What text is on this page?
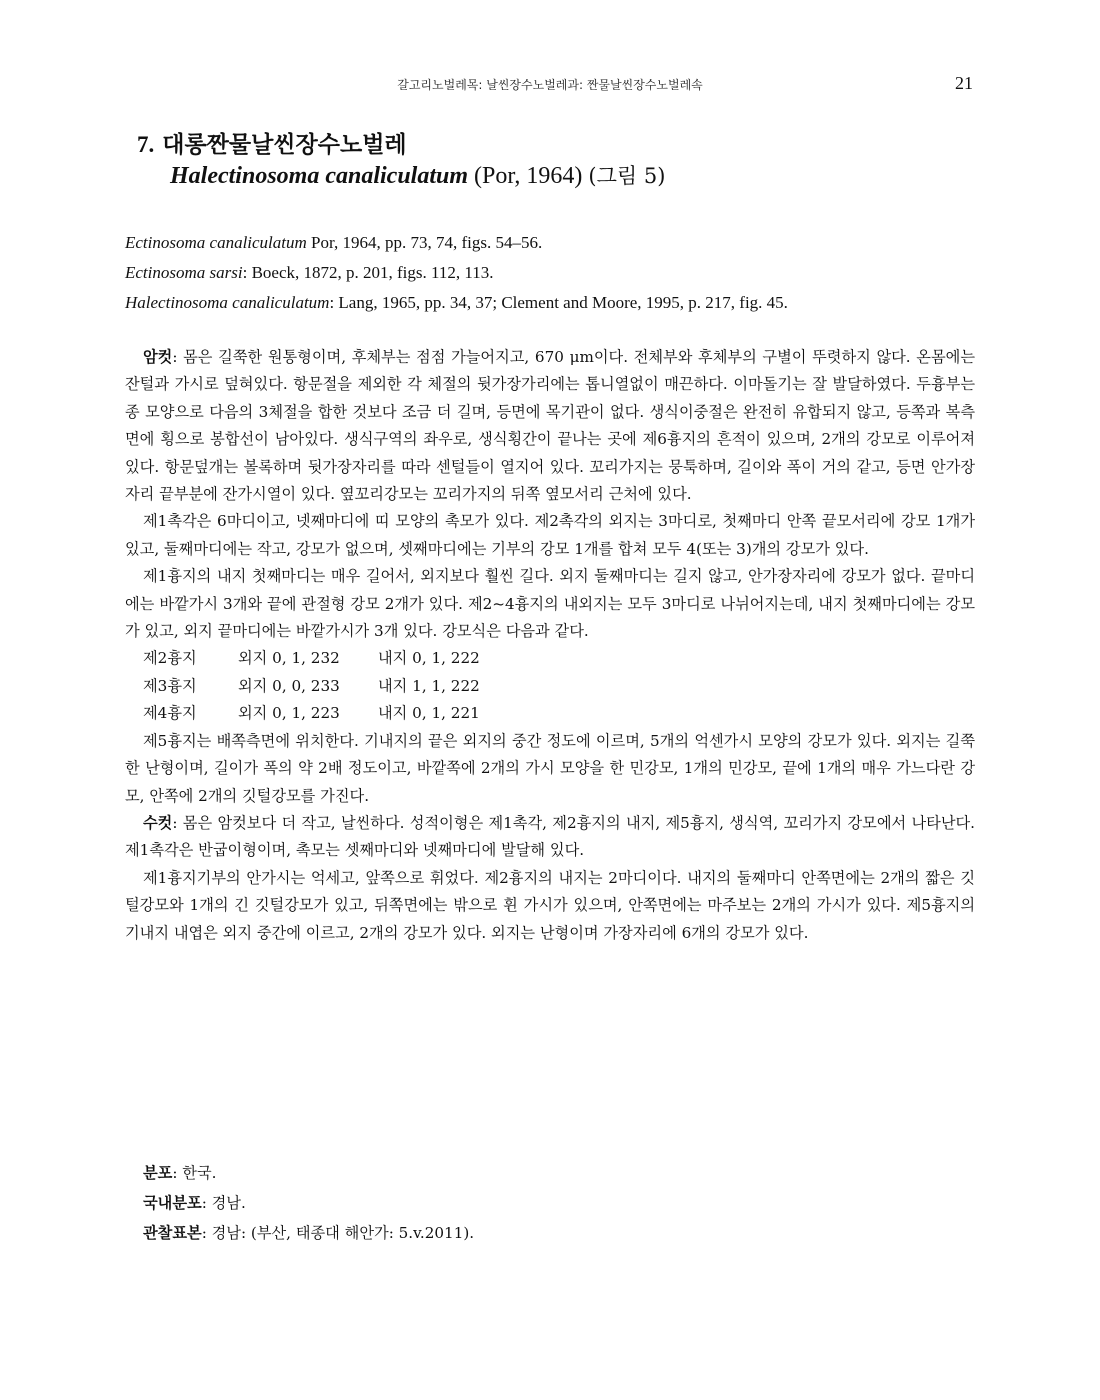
갈고리노벌레목: 날씬장수노벌레과: 짠물날씬장수노벌레속	21
7. 대롱짠물날씬장수노벌레
Halectinosoma canaliculatum (Por, 1964) (그림 5)
Ectinosoma canaliculatum Por, 1964, pp. 73, 74, figs. 54–56.
Ectinosoma sarsi: Boeck, 1872, p. 201, figs. 112, 113.
Halectinosoma canaliculatum: Lang, 1965, pp. 34, 37; Clement and Moore, 1995, p. 217, fig. 45.

암컷: 몸은 길쭉한 원통형이며, 후체부는 점점 가늘어지고, 670 μm이다. 전체부와 후체부의 구별이 뚜렷하지 않다. 온몸에는 잔털과 가시로 덮혀있다. 항문절을 제외한 각 체절의 뒷가장가리에는 톱니열없이 매끈하다. 이마돌기는 잘 발달하였다. 두흉부는 종 모양으로 다음의 3체절을 합한 것보다 조금 더 길며, 등면에 목기관이 없다. 생식이중절은 완전히 유합되지 않고, 등쪽과 복측면에 횡으로 봉합선이 남아있다. 생식구역의 좌우로, 생식횡간이 끝나는 곳에 제6흉지의 흔적이 있으며, 2개의 강모로 이루어져 있다. 항문덮개는 볼록하며 뒷가장자리를 따라 센털들이 열지어 있다. 꼬리가지는 뭉툭하며, 길이와 폭이 거의 같고, 등면 안가장자리 끝부분에 잔가시열이 있다. 옆꼬리강모는 꼬리가지의 뒤쪽 옆모서리 근처에 있다.

제1촉각은 6마디이고, 넷째마디에 띠 모양의 촉모가 있다. 제2촉각의 외지는 3마디로, 첫째마디 안쪽 끝모서리에 강모 1개가 있고, 둘째마디에는 작고, 강모가 없으며, 셋째마디에는 기부의 강모 1개를 합쳐 모두 4(또는 3)개의 강모가 있다.

제1흉지의 내지 첫째마디는 매우 길어서, 외지보다 훨씬 길다. 외지 둘째마디는 길지 않고, 안가장자리에 강모가 없다. 끝마디에는 바깥가시 3개와 끝에 관절형 강모 2개가 있다. 제2~4흉지의 내외지는 모두 3마디로 나뉘어지는데, 내지 첫째마디에는 강모가 있고, 외지 끝마디에는 바깥가시가 3개 있다. 강모식은 다음과 같다.

제2흉지	외지 0, 1, 232	내지 0, 1, 222
제3흉지	외지 0, 0, 233	내지 1, 1, 222
제4흉지	외지 0, 1, 223	내지 0, 1, 221

제5흉지는 배쪽측면에 위치한다. 기내지의 끝은 외지의 중간 정도에 이르며, 5개의 억센가시 모양의 강모가 있다. 외지는 길쭉한 난형이며, 길이가 폭의 약 2배 정도이고, 바깥쪽에 2개의 가시 모양을 한 민강모, 1개의 민강모, 끝에 1개의 매우 가느다란 강모, 안쪽에 2개의 깃털강모를 가진다.

수컷: 몸은 암컷보다 더 작고, 날씬하다. 성적이형은 제1촉각, 제2흉지의 내지, 제5흉지, 생식역, 꼬리가지 강모에서 나타난다. 제1촉각은 반굽이형이며, 촉모는 셋째마디와 넷째마디에 발달해 있다.

제1흉지기부의 안가시는 억세고, 앞쪽으로 휘었다. 제2흉지의 내지는 2마디이다. 내지의 둘째마디 안쪽면에는 2개의 짧은 깃털강모와 1개의 긴 깃털강모가 있고, 뒤쪽면에는 밖으로 휜 가시가 있으며, 안쪽면에는 마주보는 2개의 가시가 있다. 제5흉지의 기내지 내엽은 외지 중간에 이르고, 2개의 강모가 있다. 외지는 난형이며 가장자리에 6개의 강모가 있다.

분포: 한국.
국내분포: 경남.
관찰표본: 경남: (부산, 태종대 해안가: 5.v.2011).
